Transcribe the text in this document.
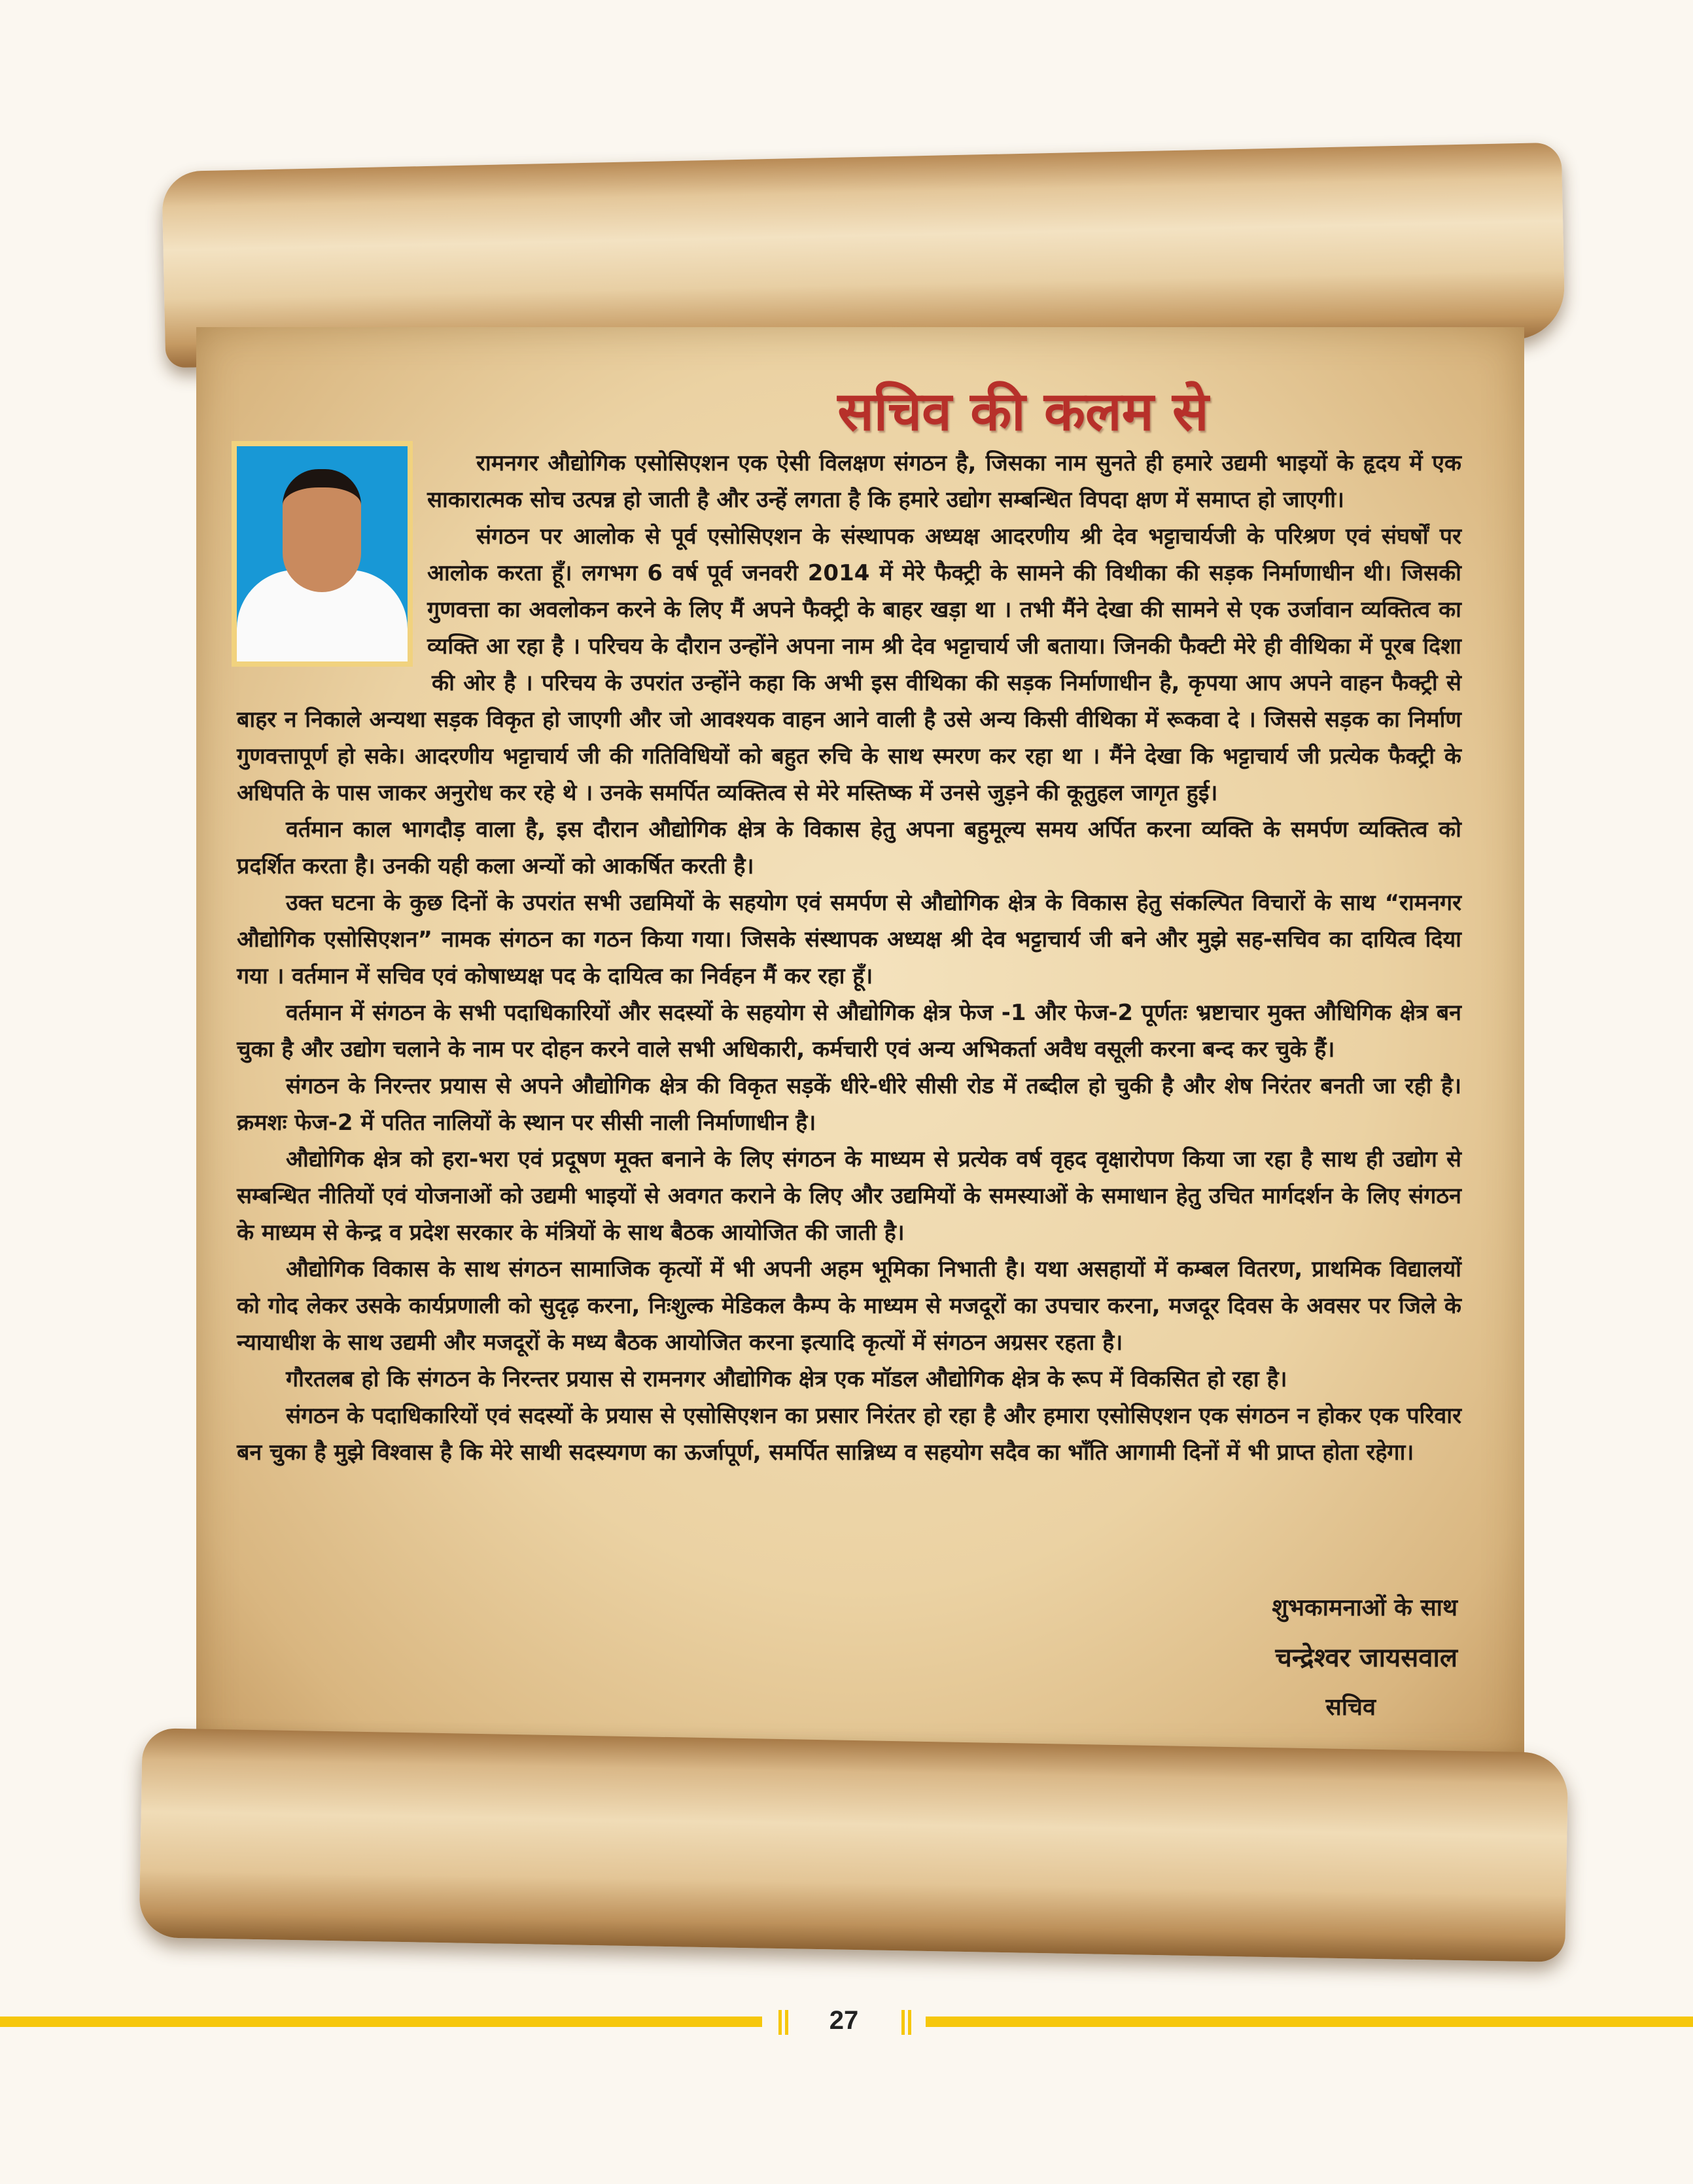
सचिव की कलम से

रामनगर औद्योगिक एसोसिएशन एक ऐसी विलक्षण संगठन है, जिसका नाम सुनते ही हमारे उद्यमी भाइयों के हृदय में एक साकारात्मक सोच उत्पन्न हो जाती है और उन्हें लगता है कि हमारे उद्योग सम्बन्धित विपदा क्षण में समाप्त हो जाएगी।

संगठन पर आलोक से पूर्व एसोसिएशन के संस्थापक अध्यक्ष आदरणीय श्री देव भट्टाचार्यजी के परिश्रण एवं संघर्षों पर आलोक करता हूँ। लगभग 6 वर्ष पूर्व जनवरी 2014 में मेरे फैक्ट्री के सामने की विथीका की सड़क निर्माणाधीन थी। जिसकी गुणवत्ता का अवलोकन करने के लिए मैं अपने फैक्ट्री के बाहर खड़ा था । तभी मैंने देखा की सामने से एक उर्जावान व्यक्तित्व का व्यक्ति आ रहा है । परिचय के दौरान उन्होंने अपना नाम श्री देव भट्टाचार्य जी बताया। जिनकी फैक्टी मेरे ही वीथिका में पूरब दिशा की ओर है । परिचय के उपरांत उन्होंने कहा कि अभी इस वीथिका की सड़क निर्माणाधीन है, कृपया आप अपने वाहन फैक्ट्री से बाहर न निकाले अन्यथा सड़क विकृत हो जाएगी और जो आवश्यक वाहन आने वाली है उसे अन्य किसी वीथिका में रूकवा दे । जिससे सड़क का निर्माण गुणवत्तापूर्ण हो सके। आदरणीय भट्टाचार्य जी की गतिविधियों को बहुत रुचि के साथ स्मरण कर रहा था । मैंने देखा कि भट्टाचार्य जी प्रत्येक फैक्ट्री के अधिपति के पास जाकर अनुरोध कर रहे थे । उनके समर्पित व्यक्तित्व से मेरे मस्तिष्क में उनसे जुड़ने की कूतुहल जागृत हुई।

वर्तमान काल भागदौड़ वाला है, इस दौरान औद्योगिक क्षेत्र के विकास हेतु अपना बहुमूल्य समय अर्पित करना व्यक्ति के समर्पण व्यक्तित्व को प्रदर्शित करता है। उनकी यही कला अन्यों को आकर्षित करती है।

उक्त घटना के कुछ दिनों के उपरांत सभी उद्यमियों के सहयोग एवं समर्पण से औद्योगिक क्षेत्र के विकास हेतु संकल्पित विचारों के साथ “रामनगर औद्योगिक एसोसिएशन” नामक संगठन का गठन किया गया। जिसके संस्थापक अध्यक्ष श्री देव भट्टाचार्य जी बने और मुझे सह-सचिव का दायित्व दिया गया । वर्तमान में सचिव एवं कोषाध्यक्ष पद के दायित्व का निर्वहन मैं कर रहा हूँ।

वर्तमान में संगठन के सभी पदाधिकारियों और सदस्यों के सहयोग से औद्योगिक क्षेत्र फेज -1 और फेज-2 पूर्णतः भ्रष्टाचार मुक्त औधिगिक क्षेत्र बन चुका है और उद्योग चलाने के नाम पर दोहन करने वाले सभी अधिकारी, कर्मचारी एवं अन्य अभिकर्ता अवैध वसूली करना बन्द कर चुके हैं।

संगठन के निरन्तर प्रयास से अपने औद्योगिक क्षेत्र की विकृत सड़कें धीरे-धीरे सीसी रोड में तब्दील हो चुकी है और शेष निरंतर बनती जा रही है। क्रमशः फेज-2 में पतित नालियों के स्थान पर सीसी नाली निर्माणाधीन है।

औद्योगिक क्षेत्र को हरा-भरा एवं प्रदूषण मूक्त बनाने के लिए संगठन के माध्यम से प्रत्येक वर्ष वृहद वृक्षारोपण किया जा रहा है साथ ही उद्योग से सम्बन्धित नीतियों एवं योजनाओं को उद्यमी भाइयों से अवगत कराने के लिए और उद्यमियों के समस्याओं के समाधान हेतु उचित मार्गदर्शन के लिए संगठन के माध्यम से केन्द्र व प्रदेश सरकार के मंत्रियों के साथ बैठक आयोजित की जाती है।

औद्योगिक विकास के साथ संगठन सामाजिक कृत्यों में भी अपनी अहम भूमिका निभाती है। यथा असहायों में कम्बल वितरण, प्राथमिक विद्यालयों को गोद लेकर उसके कार्यप्रणाली को सुदृढ़ करना, निःशुल्क मेडिकल कैम्प के माध्यम से मजदूरों का उपचार करना, मजदूर दिवस के अवसर पर जिले के न्यायाधीश के साथ उद्यमी और मजदूरों के मध्य बैठक आयोजित करना इत्यादि कृत्यों में संगठन अग्रसर रहता है।

गौरतलब हो कि संगठन के निरन्तर प्रयास से रामनगर औद्योगिक क्षेत्र एक मॉडल औद्योगिक क्षेत्र के रूप में विकसित हो रहा है।

संगठन के पदाधिकारियों एवं सदस्यों के प्रयास से एसोसिएशन का प्रसार निरंतर हो रहा है और हमारा एसोसिएशन एक संगठन न होकर एक परिवार बन चुका है मुझे विश्वास है कि मेरे साथी सदस्यगण का ऊर्जापूर्ण, समर्पित सान्निध्य व सहयोग सदैव का भाँति आगामी दिनों में भी प्राप्त होता रहेगा।

शुभकामनाओं के साथ
चन्द्रेश्वर जायसवाल
सचिव
27
